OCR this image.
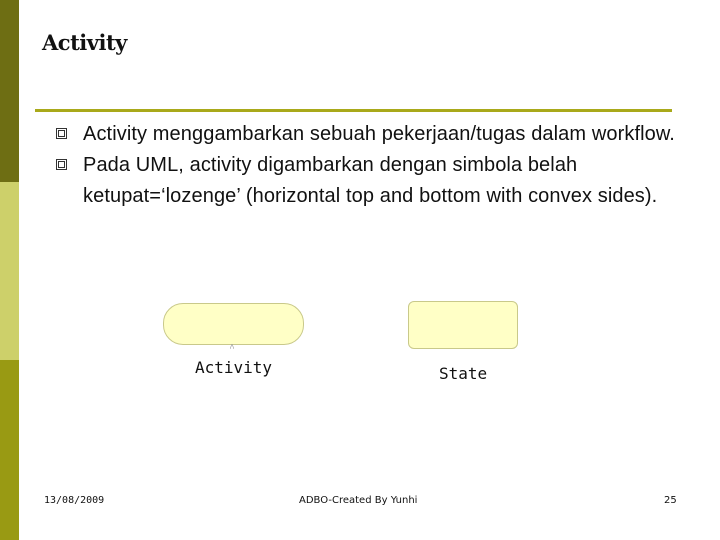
Activity
Activity menggambarkan sebuah pekerjaan/tugas dalam workflow.
Pada UML, activity digambarkan dengan simbola belah ketupat=‘lozenge’ (horizontal top and bottom with convex sides).
Activity	State
13/08/2009	ADBO-Created By Yunhi	25
